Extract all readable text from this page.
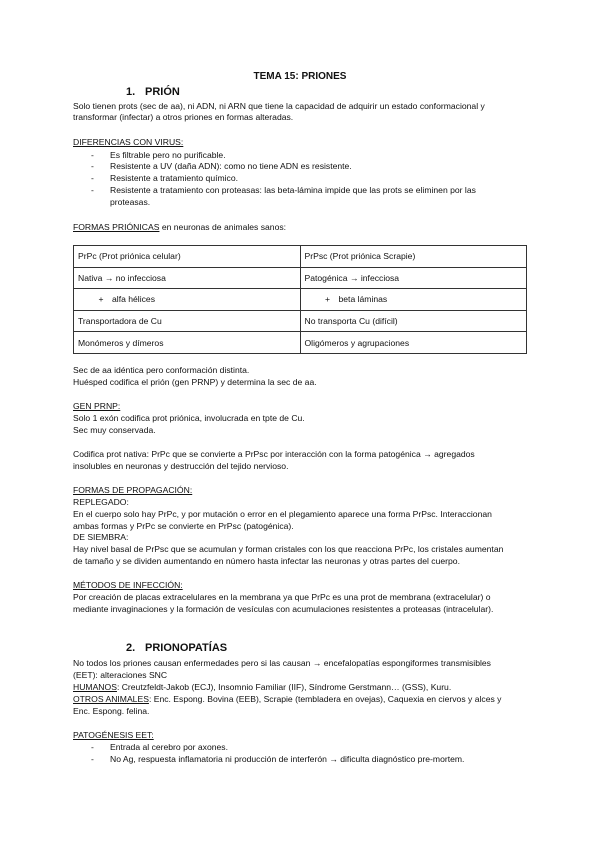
TEMA 15: PRIONES
1. PRIÓN
Solo tienen prots (sec de aa), ni ADN, ni ARN que tiene la capacidad de adquirir un estado conformacional y
transformar (infectar) a otros priones en formas alteradas.
DIFERENCIAS CON VIRUS:
- Es filtrable pero no purificable.
- Resistente a UV (daña ADN): como no tiene ADN es resistente.
- Resistente a tratamiento químico.
- Resistente a tratamiento con proteasas: las beta-lámina impide que las prots se eliminen por las
proteasas.
FORMAS PRIÓNICAS en neuronas de animales sanos:
PrPc (Prot priónica celular)	PrPsc (Prot priónica Scrapie)
Nativa → no infecciosa	Patogénica → infecciosa
+ alfa hélices	+ beta láminas
Transportadora de Cu	No transporta Cu (difícil)
Monómeros y dímeros	Oligómeros y agrupaciones
Sec de aa idéntica pero conformación distinta.
Huésped codifica el prión (gen PRNP) y determina la sec de aa.
GEN PRNP:
Solo 1 exón codifica prot priónica, involucrada en tpte de Cu.
Sec muy conservada.
Codifica prot nativa: PrPc que se convierte a PrPsc por interacción con la forma patogénica → agregados
insolubles en neuronas y destrucción del tejido nervioso.
FORMAS DE PROPAGACIÓN:
REPLEGADO:
En el cuerpo solo hay PrPc, y por mutación o error en el plegamiento aparece una forma PrPsc. Interaccionan
ambas formas y PrPc se convierte en PrPsc (patogénica).
DE SIEMBRA:
Hay nivel basal de PrPsc que se acumulan y forman cristales con los que reacciona PrPc, los cristales aumentan
de tamaño y se dividen aumentando en número hasta infectar las neuronas y otras partes del cuerpo.
MÉTODOS DE INFECCIÓN:
Por creación de placas extracelulares en la membrana ya que PrPc es una prot de membrana (extracelular) o
mediante invaginaciones y la formación de vesículas con acumulaciones resistentes a proteasas (intracelular).
2. PRIONOPATÍAS
No todos los priones causan enfermedades pero si las causan → encefalopatías espongiformes transmisibles
(EET): alteraciones SNC
HUMANOS: Creutzfeldt-Jakob (ECJ), Insomnio Familiar (IIF), Síndrome Gerstmann… (GSS), Kuru.
OTROS ANIMALES: Enc. Espong. Bovina (EEB), Scrapie (tembladera en ovejas), Caquexia en ciervos y alces y
Enc. Espong. felina.
PATOGÉNESIS EET:
- Entrada al cerebro por axones.
- No Ag, respuesta inflamatoria ni producción de interferón → dificulta diagnóstico pre-mortem.
